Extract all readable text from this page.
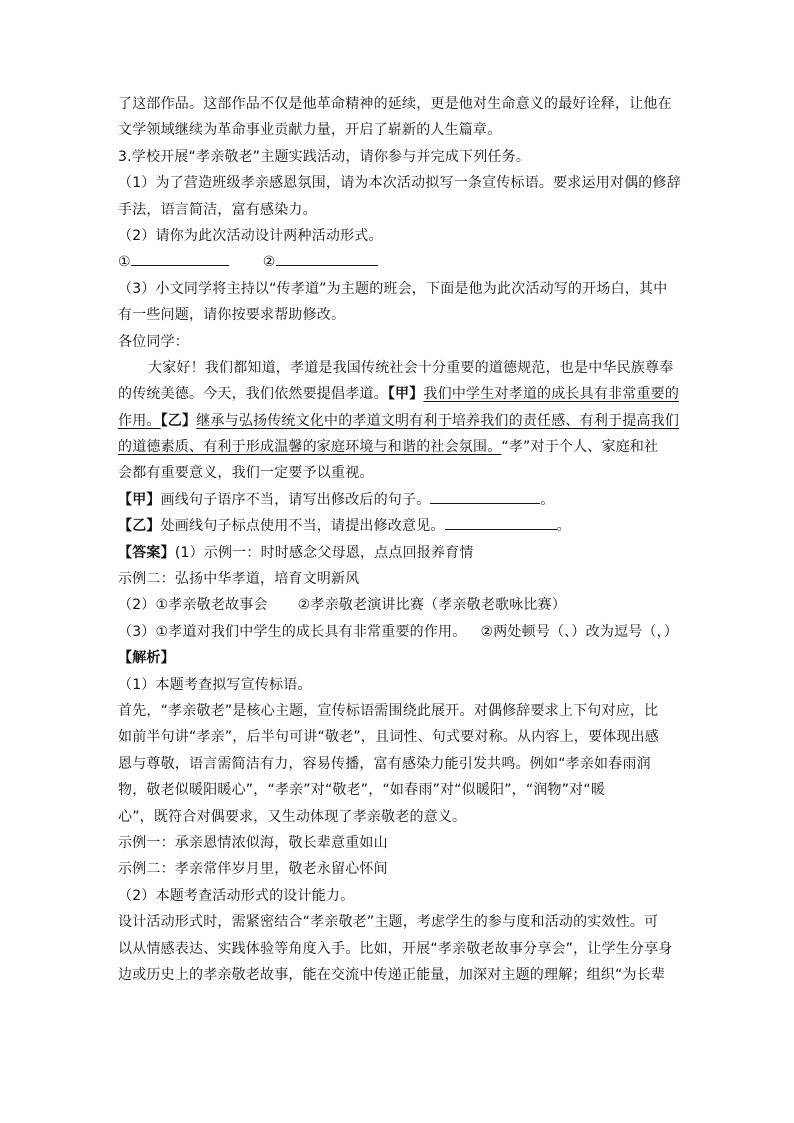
了这部作品。这部作品不仅是他革命精神的延续，更是他对生命意义的最好诠释，让他在
文学领域继续为革命事业贡献力量，开启了崭新的人生篇章。
3.学校开展“孝亲敬老”主题实践活动，请你参与并完成下列任务。
（1）为了营造班级孝亲感恩氛围，请为本次活动拟写一条宣传标语。要求运用对偶的修辞
手法，语言简洁，富有感染力。
（2）请你为此次活动设计两种活动形式。
①	②
（3）小文同学将主持以“传孝道”为主题的班会，下面是他为此次活动写的开场白，其中
有一些问题，请你按要求帮助修改。
各位同学：
大家好！我们都知道，孝道是我国传统社会十分重要的道德规范，也是中华民族尊奉
的传统美德。今天，我们依然要提倡孝道。【甲】我们中学生对孝道的成长具有非常重要的
作用。【乙】继承与弘扬传统文化中的孝道文明有利于培养我们的责任感、有利于提高我们
的道德素质、有利于形成温馨的家庭环境与和谐的社会氛围。“孝”对于个人、家庭和社
会都有重要意义，我们一定要予以重视。
【甲】画线句子语序不当，请写出修改后的句子。	。
【乙】处画线句子标点使用不当，请提出修改意见。	。
【答案】(1）示例一：时时感念父母恩，点点回报养育情
示例二：弘扬中华孝道，培育文明新风
（2）①孝亲敬老故事会 ②孝亲敬老演讲比赛（孝亲敬老歌咏比赛）
（3）①孝道对我们中学生的成长具有非常重要的作用。 ②两处顿号（、）改为逗号（，）
【解析】
（1）本题考查拟写宣传标语。
首先，“孝亲敬老”是核心主题，宣传标语需围绕此展开。对偶修辞要求上下句对应，比
如前半句讲“孝亲”，后半句可讲“敬老”，且词性、句式要对称。从内容上，要体现出感
恩与尊敬，语言需简洁有力，容易传播，富有感染力能引发共鸣。例如“孝亲如春雨润
物，敬老似暖阳暖心”，“孝亲”对“敬老”，“如春雨”对“似暖阳”，“润物”对“暖
心”，既符合对偶要求，又生动体现了孝亲敬老的意义。
示例一：承亲恩情浓似海，敬长辈意重如山
示例二：孝亲常伴岁月里，敬老永留心怀间
（2）本题考查活动形式的设计能力。
设计活动形式时，需紧密结合“孝亲敬老”主题，考虑学生的参与度和活动的实效性。可
以从情感表达、实践体验等角度入手。比如，开展“孝亲敬老故事分享会”，让学生分享身
边或历史上的孝亲敬老故事，能在交流中传递正能量，加深对主题的理解；组织“为长辈
